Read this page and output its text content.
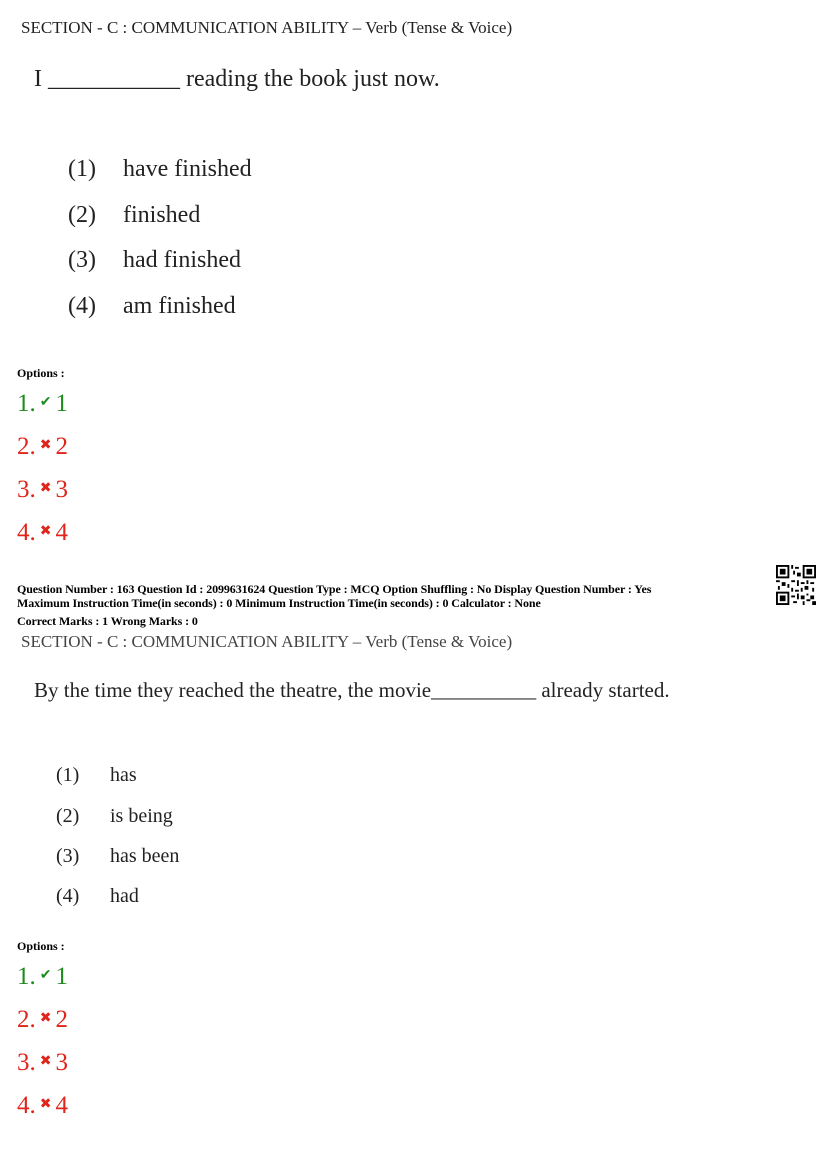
SECTION - C : COMMUNICATION ABILITY – Verb (Tense & Voice)
I ___________ reading the book just now.
(1) have finished
(2) finished
(3) had finished
(4) am finished
Options :
1. ✔ 1
2. ✖ 2
3. ✖ 3
4. ✖ 4
Question Number : 163 Question Id : 2099631624 Question Type : MCQ Option Shuffling : No Display Question Number : Yes
Maximum Instruction Time(in seconds) : 0 Minimum Instruction Time(in seconds) : 0 Calculator : None
Correct Marks : 1 Wrong Marks : 0
SECTION - C : COMMUNICATION ABILITY – Verb (Tense & Voice)
By the time they reached the theatre, the movie__________ already started.
(1) has
(2) is being
(3) has been
(4) had
Options :
1. ✔ 1
2. ✖ 2
3. ✖ 3
4. ✖ 4
